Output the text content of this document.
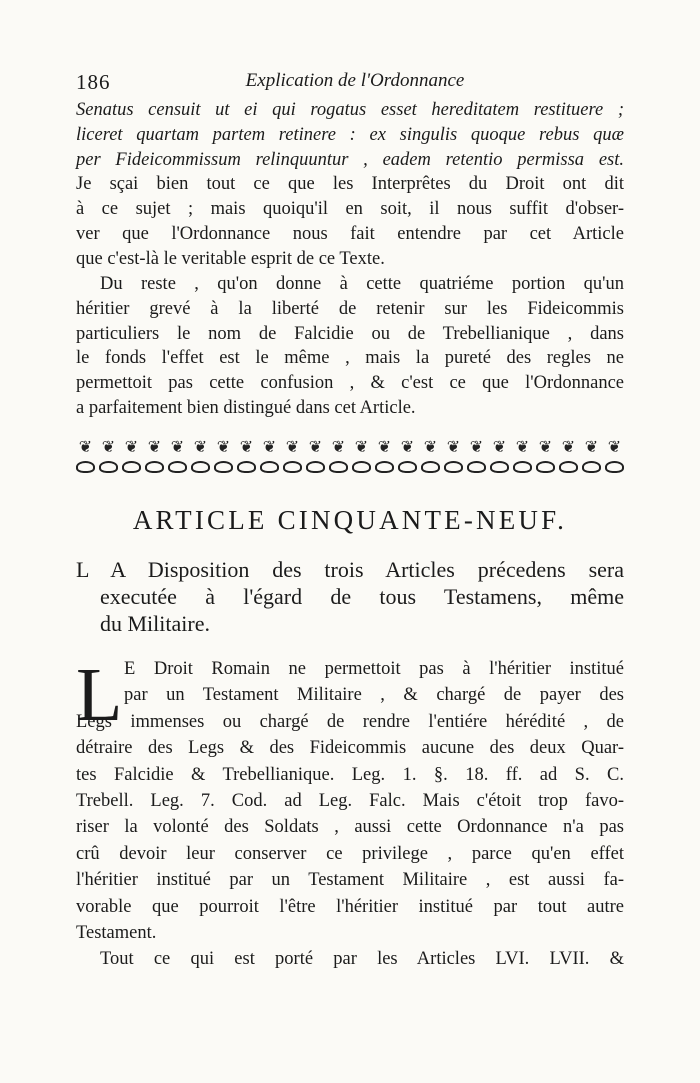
186	Explication de l'Ordonnance
Senatus censuit ut ei qui rogatus esset hereditatem restituere ;
liceret quartam partem retinere : ex singulis quoque rebus quæ
per Fideicommissum relinquuntur , eadem retentio permissa est.
Je sçai bien tout ce que les Interprêtes du Droit ont dit
à ce sujet ; mais quoiqu'il en soit, il nous suffit d'obser-
ver que l'Ordonnance nous fait entendre par cet Article
que c'est-là le veritable esprit de ce Texte.
Du reste , qu'on donne à cette quatriéme portion qu'un
héritier grevé à la liberté de retenir sur les Fideicommis
particuliers le nom de Falcidie ou de Trebellianique , dans
le fonds l'effet est le même , mais la pureté des regles ne
permettoit pas cette confusion , & c'est ce que l'Ordonnance
a parfaitement bien distingué dans cet Article.
❦ ❦ ❦ ❦ ❦ ❦ ❦ ❦ ❦ ❦ ❦ ❦ ❦ ❦ ❦ ❦ ❦ ❦ ❦ ❦ ❦ ❦ ❦ ❦
ARTICLE CINQUANTE-NEUF.
L A Disposition des trois Articles précedens sera
executée à l'égard de tous Testamens, même
du Militaire.
L E Droit Romain ne permettoit pas à l'héritier institué
par un Testament Militaire , & chargé de payer des
Legs immenses ou chargé de rendre l'entiére hérédité , de
détraire des Legs & des Fideicommis aucune des deux Quar-
tes Falcidie & Trebellianique. Leg. 1. §. 18. ff. ad S. C.
Trebell. Leg. 7. Cod. ad Leg. Falc. Mais c'étoit trop favo-
riser la volonté des Soldats , aussi cette Ordonnance n'a pas
crû devoir leur conserver ce privilege , parce qu'en effet
l'héritier institué par un Testament Militaire , est aussi fa-
vorable que pourroit l'être l'héritier institué par tout autre
Testament.
Tout ce qui est porté par les Articles LVI. LVII. &
